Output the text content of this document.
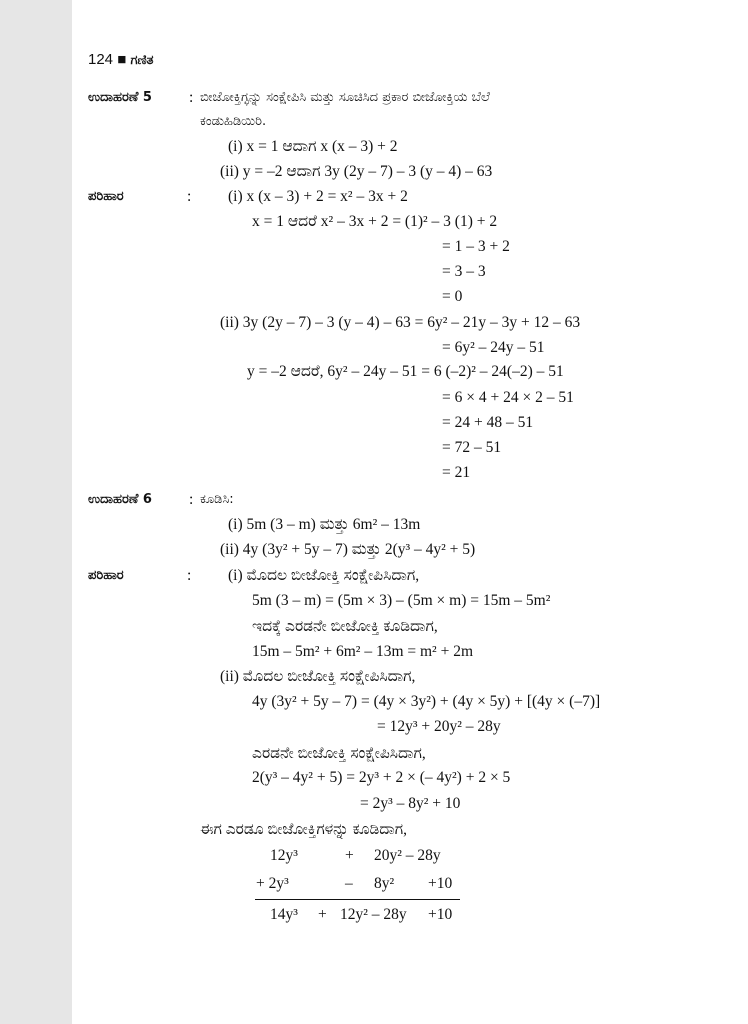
124 ■ ಗಣಿತ
ಉದಾಹರಣೆ 5 : ಬೀಜೋಕ್ತಿಗ್ಳನ್ನು ಸಂಕ್ಷೇಪಿಸಿ ಮತ್ತು ಸೂಚಿಸಿದ ಪ್ರಕಾರ ಬೀಜೋಕ್ತಿಯ ಬೆಲೆ
ಕಂಡುಹಿಡಿಯಿರಿ.
(i) x = 1 ಆದಾಗ x (x – 3) + 2
(ii) y = –2 ಆದಾಗ 3y (2y – 7) – 3 (y – 4) – 63
ಪರಿಹಾರ	: (i) x (x – 3) + 2 = x² – 3x + 2
x = 1 ಆದರೆ x² – 3x + 2 = (1)² – 3 (1) + 2
= 1 – 3 + 2
= 3 – 3
= 0
(ii) 3y (2y – 7) – 3 (y – 4) – 63 = 6y² – 21y – 3y + 12 – 63
= 6y² – 24y – 51
y = –2 ಆದರೆ, 6y² – 24y – 51 = 6 (–2)² – 24(–2) – 51
= 6 × 4 + 24 × 2 – 51
= 24 + 48 – 51
= 72 – 51
= 21
ಉದಾಹರಣೆ 6 : ಕೂಡಿಸಿ:
(i) 5m (3 – m) ಮತ್ತು 6m² – 13m
(ii) 4y (3y² + 5y – 7) ಮತ್ತು 2(y³ – 4y² + 5)
ಪರಿಹಾರ	: (i) ಮೊದಲ ಬೀಜೋಕ್ತಿ ಸಂಕ್ಷೇಪಿಸಿದಾಗ,
5m (3 – m) = (5m × 3) – (5m × m) = 15m – 5m²
ಇದಕ್ಕೆ ಎರಡನೇ ಬೀಜೋಕ್ತಿ ಕೂಡಿದಾಗ,
15m – 5m² + 6m² – 13m = m² + 2m
(ii) ಮೊದಲ ಬೀಜೋಕ್ತಿ ಸಂಕ್ಷೇಪಿಸಿದಾಗ,
4y (3y² + 5y – 7) = (4y × 3y²) + (4y × 5y) + [(4y × (–7)]
= 12y³ + 20y² – 28y
ಎರಡನೇ ಬೀಜೋಕ್ತಿ ಸಂಕ್ಷೇಪಿಸಿದಾಗ,
2(y³ – 4y² + 5) = 2y³ + 2 × (– 4y²) + 2 × 5
= 2y³ – 8y² + 10
ಈಗ ಎರಡೂ ಬೀಜೋಕ್ತಿಗಳನ್ನು ಕೂಡಿದಾಗ,
12y³	+ 20y² – 28y
+ 2y³	– 8y² +10
14y³ + 12y² – 28y +10
